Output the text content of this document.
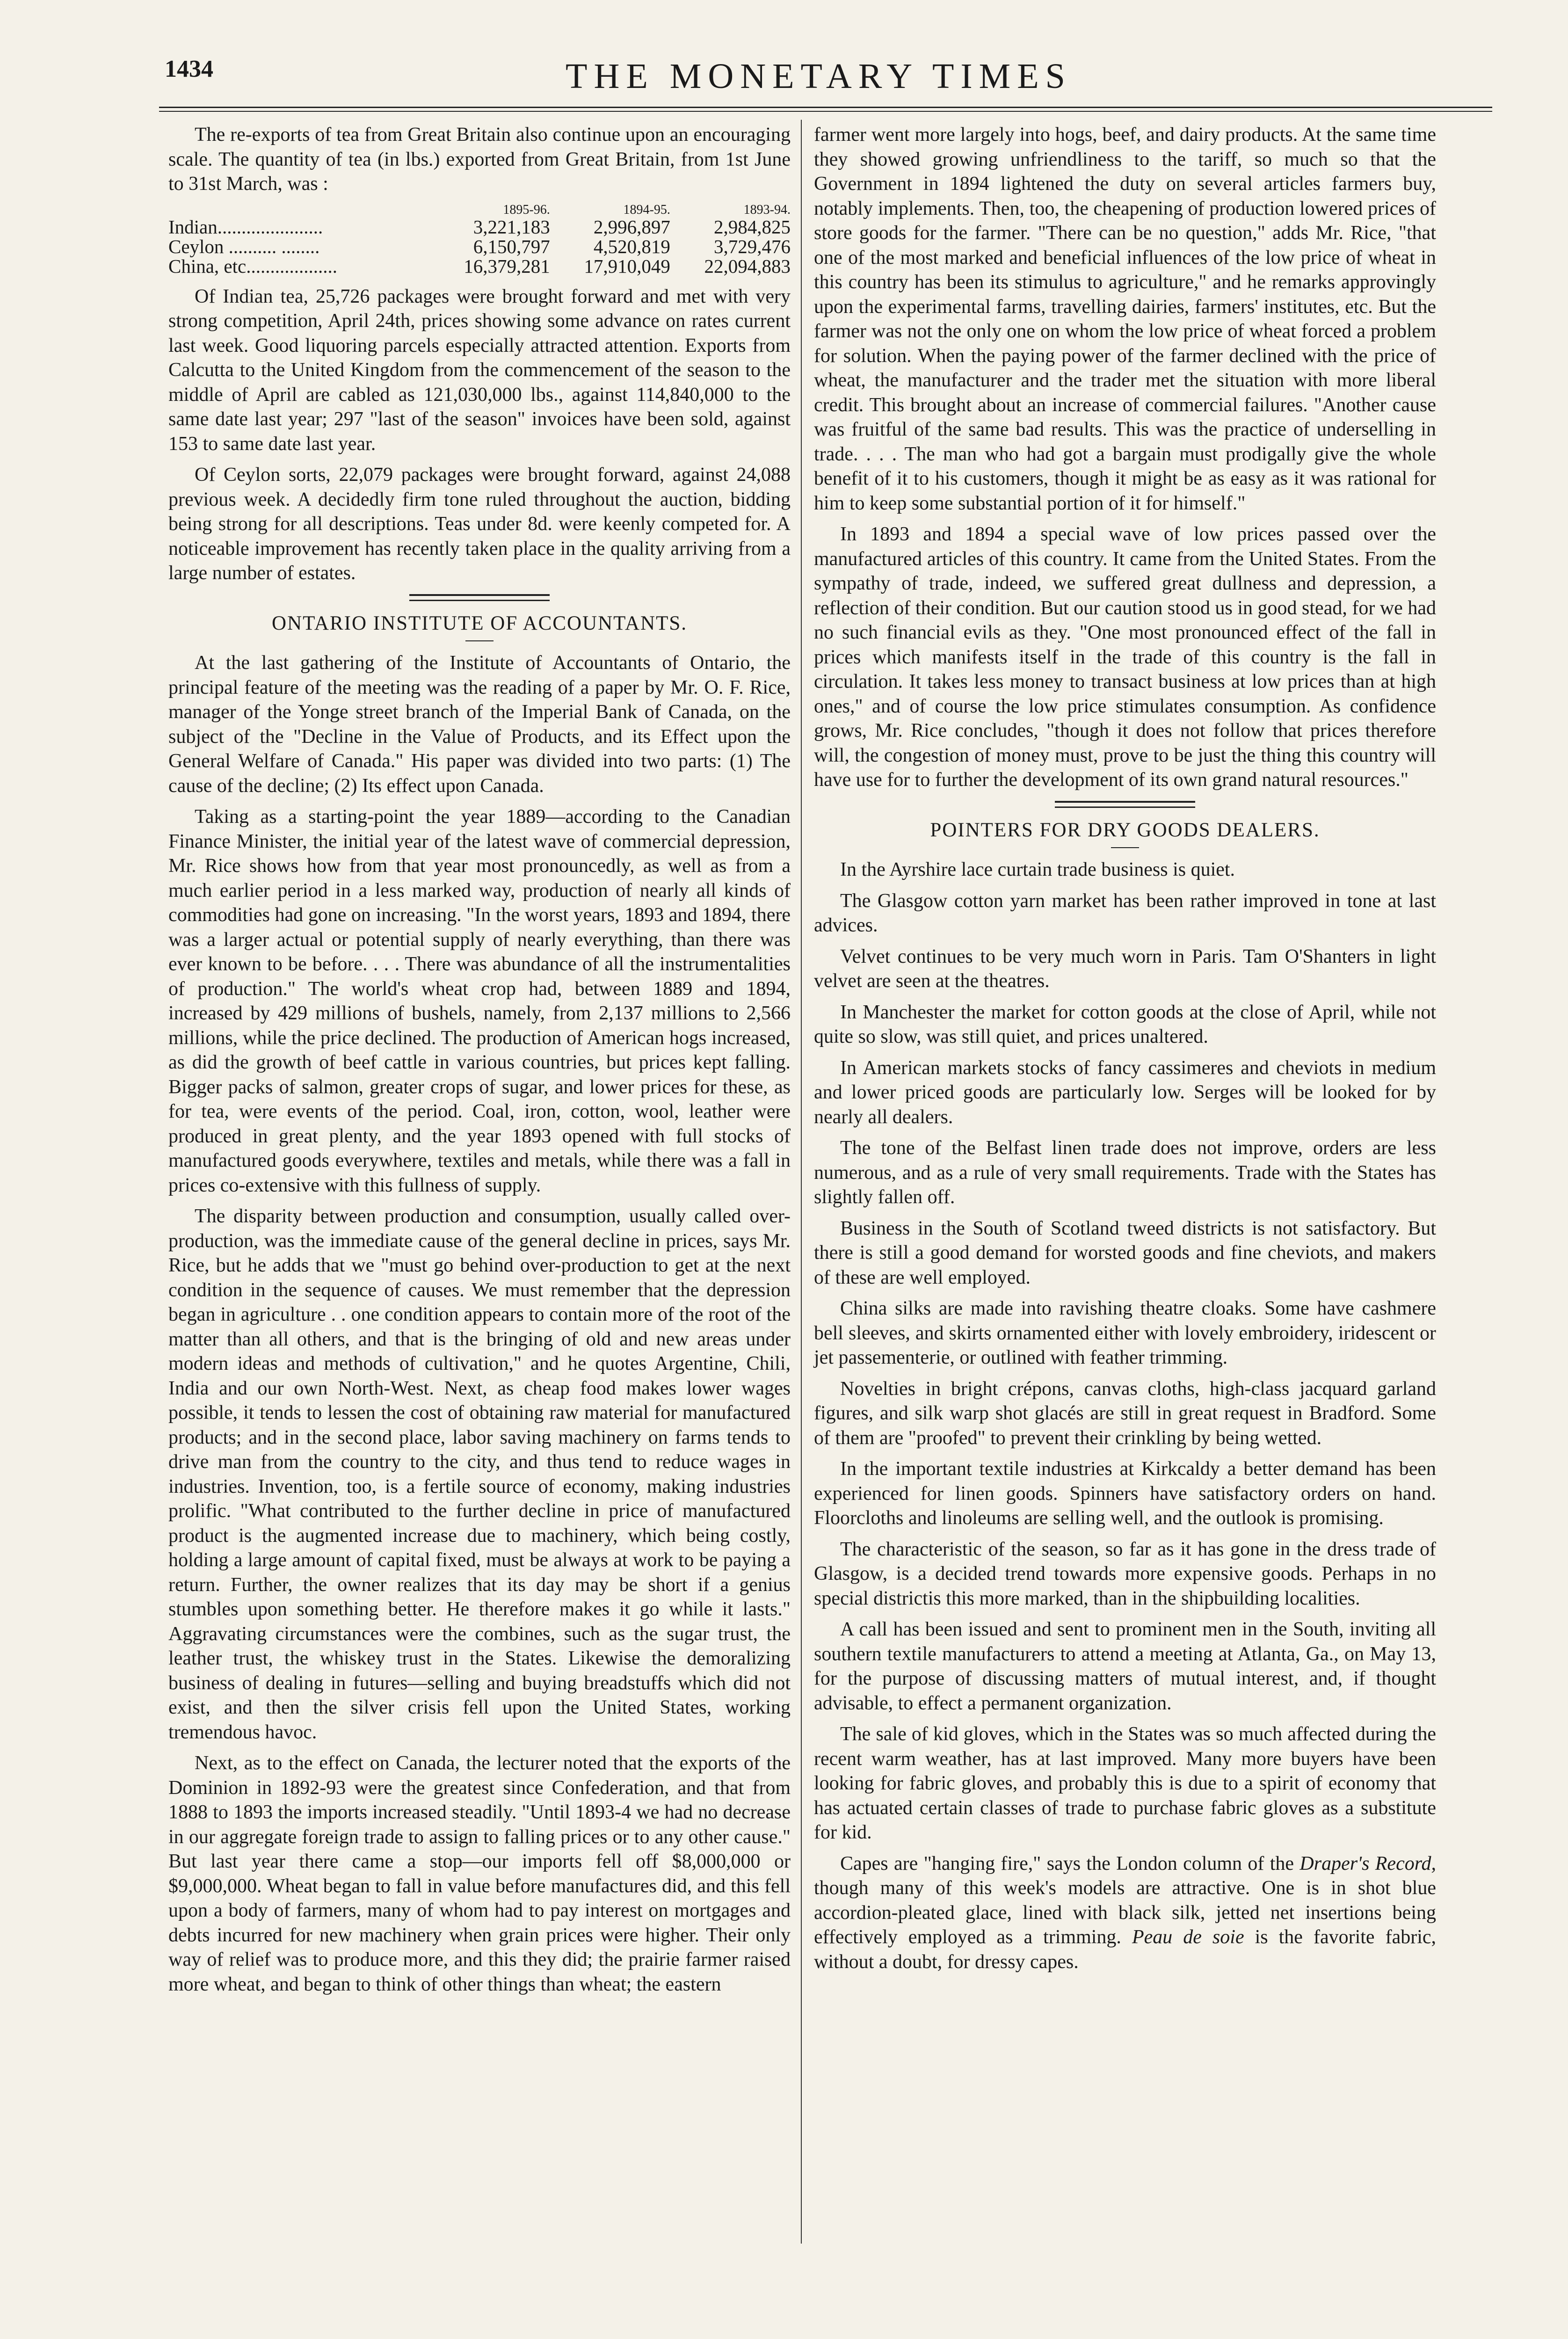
1434	THE MONETARY TIMES

The re-exports of tea from Great Britain also continue upon an encouraging scale. The quantity of tea (in lbs.) exported from Great Britain, from 1st June to 31st March, was :

	1895-96.	1894-95.	1893-94.
Indian......................	3,221,183	2,996,897	2,984,825
Ceylon .......... ........	6,150,797	4,520,819	3,729,476
China, etc...................	16,379,281	17,910,049	22,094,883

Of Indian tea, 25,726 packages were brought forward and met with very strong competition, April 24th, prices showing some advance on rates current last week. Good liquoring parcels especially attracted attention. Exports from Calcutta to the United Kingdom from the commencement of the season to the middle of April are cabled as 121,030,000 lbs., against 114,840,000 to the same date last year; 297 "last of the season" invoices have been sold, against 153 to same date last year.

Of Ceylon sorts, 22,079 packages were brought forward, against 24,088 previous week. A decidedly firm tone ruled throughout the auction, bidding being strong for all descriptions. Teas under 8d. were keenly competed for. A noticeable improvement has recently taken place in the quality arriving from a large number of estates.

ONTARIO INSTITUTE OF ACCOUNTANTS.

At the last gathering of the Institute of Accountants of Ontario, the principal feature of the meeting was the reading of a paper by Mr. O. F. Rice, manager of the Yonge street branch of the Imperial Bank of Canada, on the subject of the "Decline in the Value of Products, and its Effect upon the General Welfare of Canada." His paper was divided into two parts: (1) The cause of the decline; (2) Its effect upon Canada.

Taking as a starting-point the year 1889—according to the Canadian Finance Minister, the initial year of the latest wave of commercial depression, Mr. Rice shows how from that year most pronouncedly, as well as from a much earlier period in a less marked way, production of nearly all kinds of commodities had gone on increasing. "In the worst years, 1893 and 1894, there was a larger actual or potential supply of nearly everything, than there was ever known to be before. . . . There was abundance of all the instrumentalities of production." The world's wheat crop had, between 1889 and 1894, increased by 429 millions of bushels, namely, from 2,137 millions to 2,566 millions, while the price declined. The production of American hogs increased, as did the growth of beef cattle in various countries, but prices kept falling. Bigger packs of salmon, greater crops of sugar, and lower prices for these, as for tea, were events of the period. Coal, iron, cotton, wool, leather were produced in great plenty, and the year 1893 opened with full stocks of manufactured goods everywhere, textiles and metals, while there was a fall in prices co-extensive with this fullness of supply.

The disparity between production and consumption, usually called over-production, was the immediate cause of the general decline in prices, says Mr. Rice, but he adds that we "must go behind over-production to get at the next condition in the sequence of causes. We must remember that the depression began in agriculture . . one condition appears to contain more of the root of the matter than all others, and that is the bringing of old and new areas under modern ideas and methods of cultivation," and he quotes Argentine, Chili, India and our own North-West. Next, as cheap food makes lower wages possible, it tends to lessen the cost of obtaining raw material for manufactured products; and in the second place, labor saving machinery on farms tends to drive man from the country to the city, and thus tend to reduce wages in industries. Invention, too, is a fertile source of economy, making industries prolific. "What contributed to the further decline in price of manufactured product is the augmented increase due to machinery, which being costly, holding a large amount of capital fixed, must be always at work to be paying a return. Further, the owner realizes that its day may be short if a genius stumbles upon something better. He therefore makes it go while it lasts." Aggravating circumstances were the combines, such as the sugar trust, the leather trust, the whiskey trust in the States. Likewise the demoralizing business of dealing in futures—selling and buying breadstuffs which did not exist, and then the silver crisis fell upon the United States, working tremendous havoc.

Next, as to the effect on Canada, the lecturer noted that the exports of the Dominion in 1892-93 were the greatest since Confederation, and that from 1888 to 1893 the imports increased steadily. "Until 1893-4 we had no decrease in our aggregate foreign trade to assign to falling prices or to any other cause." But last year there came a stop—our imports fell off $8,000,000 or $9,000,000. Wheat began to fall in value before manufactures did, and this fell upon a body of farmers, many of whom had to pay interest on mortgages and debts incurred for new machinery when grain prices were higher. Their only way of relief was to produce more, and this they did; the prairie farmer raised more wheat, and began to think of other things than wheat; the eastern

farmer went more largely into hogs, beef, and dairy products. At the same time they showed growing unfriendliness to the tariff, so much so that the Government in 1894 lightened the duty on several articles farmers buy, notably implements. Then, too, the cheapening of production lowered prices of store goods for the farmer. "There can be no question," adds Mr. Rice, "that one of the most marked and beneficial influences of the low price of wheat in this country has been its stimulus to agriculture," and he remarks approvingly upon the experimental farms, travelling dairies, farmers' institutes, etc. But the farmer was not the only one on whom the low price of wheat forced a problem for solution. When the paying power of the farmer declined with the price of wheat, the manufacturer and the trader met the situation with more liberal credit. This brought about an increase of commercial failures. "Another cause was fruitful of the same bad results. This was the practice of underselling in trade. . . . The man who had got a bargain must prodigally give the whole benefit of it to his customers, though it might be as easy as it was rational for him to keep some substantial portion of it for himself."

In 1893 and 1894 a special wave of low prices passed over the manufactured articles of this country. It came from the United States. From the sympathy of trade, indeed, we suffered great dullness and depression, a reflection of their condition. But our caution stood us in good stead, for we had no such financial evils as they. "One most pronounced effect of the fall in prices which manifests itself in the trade of this country is the fall in circulation. It takes less money to transact business at low prices than at high ones," and of course the low price stimulates consumption. As confidence grows, Mr. Rice concludes, "though it does not follow that prices therefore will, the congestion of money must, prove to be just the thing this country will have use for to further the development of its own grand natural resources."

POINTERS FOR DRY GOODS DEALERS.

In the Ayrshire lace curtain trade business is quiet.

The Glasgow cotton yarn market has been rather improved in tone at last advices.

Velvet continues to be very much worn in Paris. Tam O'Shanters in light velvet are seen at the theatres.

In Manchester the market for cotton goods at the close of April, while not quite so slow, was still quiet, and prices unaltered.

In American markets stocks of fancy cassimeres and cheviots in medium and lower priced goods are particularly low. Serges will be looked for by nearly all dealers.

The tone of the Belfast linen trade does not improve, orders are less numerous, and as a rule of very small requirements. Trade with the States has slightly fallen off.

Business in the South of Scotland tweed districts is not satisfactory. But there is still a good demand for worsted goods and fine cheviots, and makers of these are well employed.

China silks are made into ravishing theatre cloaks. Some have cashmere bell sleeves, and skirts ornamented either with lovely embroidery, iridescent or jet passementerie, or outlined with feather trimming.

Novelties in bright crépons, canvas cloths, high-class jacquard garland figures, and silk warp shot glacés are still in great request in Bradford. Some of them are "proofed" to prevent their crinkling by being wetted.

In the important textile industries at Kirkcaldy a better demand has been experienced for linen goods. Spinners have satisfactory orders on hand. Floorcloths and linoleums are selling well, and the outlook is promising.

The characteristic of the season, so far as it has gone in the dress trade of Glasgow, is a decided trend towards more expensive goods. Perhaps in no special districtis this more marked, than in the shipbuilding localities.

A call has been issued and sent to prominent men in the South, inviting all southern textile manufacturers to attend a meeting at Atlanta, Ga., on May 13, for the purpose of discussing matters of mutual interest, and, if thought advisable, to effect a permanent organization.

The sale of kid gloves, which in the States was so much affected during the recent warm weather, has at last improved. Many more buyers have been looking for fabric gloves, and probably this is due to a spirit of economy that has actuated certain classes of trade to purchase fabric gloves as a substitute for kid.

Capes are "hanging fire," says the London column of the Draper's Record, though many of this week's models are attractive. One is in shot blue accordion-pleated glace, lined with black silk, jetted net insertions being effectively employed as a trimming. Peau de soie is the favorite fabric, without a doubt, for dressy capes.
